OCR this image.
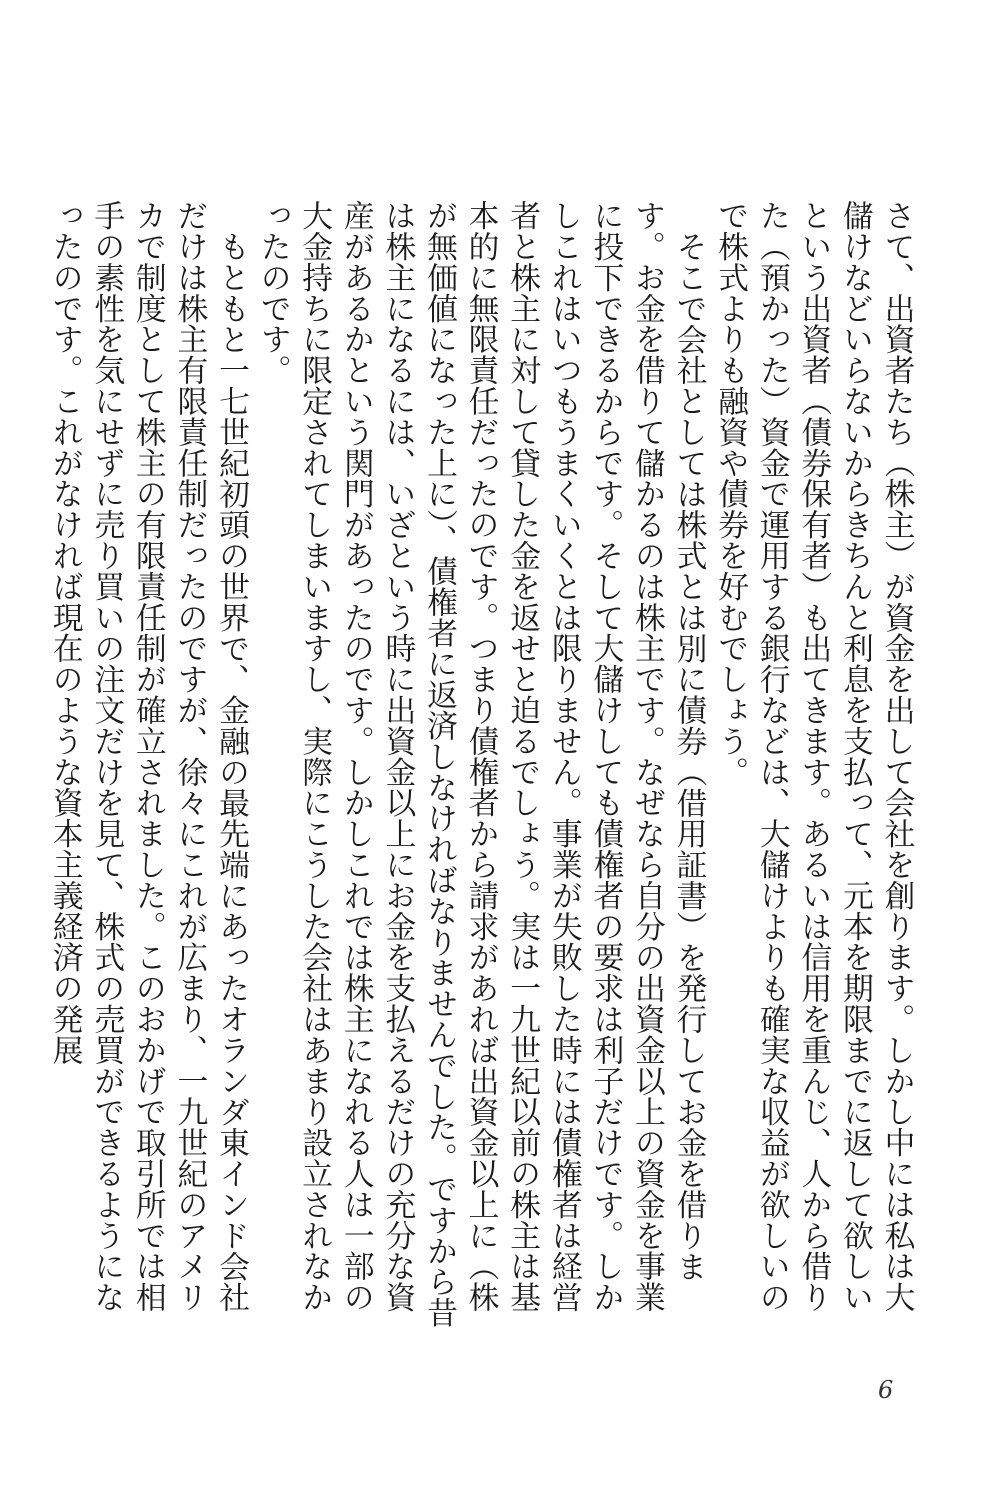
さて、出資者たち（株主）が資金を出して会社を創ります。しかし中には私は大儲けなどいらないからきちんと利息を支払って、元本を期限までに返して欲しいという出資者（債券保有者）も出てきます。あるいは信用を重んじ、人から借りた（預かった）資金で運用する銀行などは、大儲けよりも確実な収益が欲しいので株式よりも融資や債券を好むでしょう。

そこで会社としては株式とは別に債券（借用証書）を発行してお金を借ります。お金を借りて儲かるのは株主です。なぜなら自分の出資金以上の資金を事業に投下できるからです。そして大儲けしても債権者の要求は利子だけです。しかしこれはいつもうまくいくとは限りません。事業が失敗した時には債権者は経営者と株主に対して貸した金を返せと迫るでしょう。実は一九世紀以前の株主は基本的に無限責任だったのです。つまり債権者から請求があれば出資金以上に（株が無価値になった上に）、債権者に返済しなければなりませんでした。ですから昔は株主になるには、いざという時に出資金以上にお金を支払えるだけの充分な資産があるかという関門があったのです。しかしこれでは株主になれる人は一部の大金持ちに限定されてしまいますし、実際にこうした会社はあまり設立されなかったのです。

もともと一七世紀初頭の世界で、金融の最先端にあったオランダ東インド会社だけは株主有限責任制だったのですが、徐々にこれが広まり、一九世紀のアメリカで制度として株主の有限責任制が確立されました。このおかげで取引所では相手の素性を気にせずに売り買いの注文だけを見て、株式の売買ができるようになったのです。これがなければ現在のような資本主義経済の発展

6
